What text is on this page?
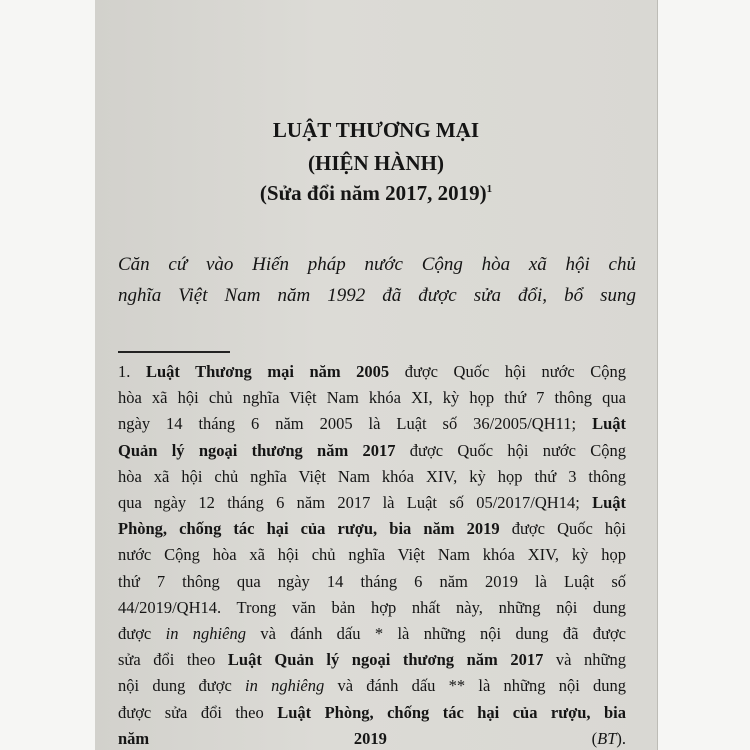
LUẬT THƯƠNG MẠI
(HIỆN HÀNH)
(Sửa đổi năm 2017, 2019)$^1$
Căn cứ vào Hiến pháp nước Cộng hòa xã hội chủ
nghĩa Việt Nam năm 1992 đã được sửa đổi, bổ sung
1. Luật Thương mại năm 2005 được Quốc hội nước Cộng
hòa xã hội chủ nghĩa Việt Nam khóa XI, kỳ họp thứ 7 thông qua
ngày 14 tháng 6 năm 2005 là Luật số 36/2005/QH11; Luật
Quản lý ngoại thương năm 2017 được Quốc hội nước Cộng
hòa xã hội chủ nghĩa Việt Nam khóa XIV, kỳ họp thứ 3 thông
qua ngày 12 tháng 6 năm 2017 là Luật số 05/2017/QH14; Luật
Phòng, chống tác hại của rượu, bia năm 2019 được Quốc hội
nước Cộng hòa xã hội chủ nghĩa Việt Nam khóa XIV, kỳ họp
thứ 7 thông qua ngày 14 tháng 6 năm 2019 là Luật số
44/2019/QH14. Trong văn bản hợp nhất này, những nội dung
được in nghiêng và đánh dấu * là những nội dung đã được
sửa đổi theo Luật Quản lý ngoại thương năm 2017 và những
nội dung được in nghiêng và đánh dấu ** là những nội dung
được sửa đổi theo Luật Phòng, chống tác hại của rượu, bia
năm 2019 (BT).
